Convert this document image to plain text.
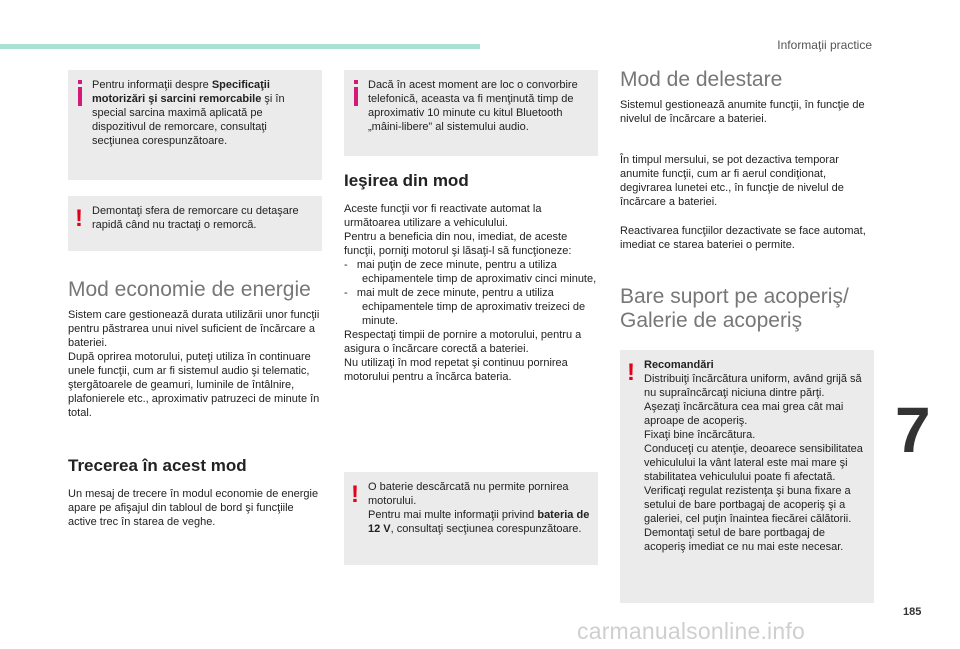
Informaţii practice
Pentru informaţii despre Specificaţii motorizări şi sarcini remorcabile şi în special sarcina maximă aplicată pe dispozitivul de remorcare, consultaţi secţiunea corespunzătoare.
! Demontaţi sfera de remorcare cu detaşare rapidă când nu tractaţi o remorcă.
Mod economie de energie

Sistem care gestionează durata utilizării unor funcţii pentru păstrarea unui nivel suficient de încărcare a bateriei.

După oprirea motorului, puteţi utiliza în continuare unele funcţii, cum ar fi sistemul audio şi telematic, ştergătoarele de geamuri, luminile de întâlnire, plafonierele etc., aproximativ patruzeci de minute în total.

Trecerea în acest mod

Un mesaj de trecere în modul economie de energie apare pe afişajul din tabloul de bord şi funcţiile active trec în starea de veghe.

Dacă în acest moment are loc o convorbire telefonică, aceasta va fi menţinută timp de aproximativ 10 minute cu kitul Bluetooth „mâini-libere” al sistemului audio.
Ieşirea din mod

Aceste funcţii vor fi reactivate automat la următoarea utilizare a vehiculului.

Pentru a beneficia din nou, imediat, de aceste funcţii, porniţi motorul şi lăsaţi-l să funcţioneze:

-   mai puţin de zece minute, pentru a utiliza echipamentele timp de aproximativ cinci minute,

-   mai mult de zece minute, pentru a utiliza echipamentele timp de aproximativ treizeci de minute.

Respectaţi timpii de pornire a motorului, pentru a asigura o încărcare corectă a bateriei.

Nu utilizaţi în mod repetat şi continuu pornirea motorului pentru a încărca bateria.

! O baterie descărcată nu permite pornirea motorului.

Pentru mai multe informaţii privind bateria de 12 V, consultaţi secţiunea corespunzătoare.

Mod de delestare
Sistemul gestionează anumite funcţii, în funcţie de nivelul de încărcare a bateriei.
În timpul mersului, se pot dezactiva temporar anumite funcţii, cum ar fi aerul condiţionat, degivrarea lunetei etc., în funcţie de nivelul de încărcare a bateriei.
Reactivarea funcţiilor dezactivate se face automat, imediat ce starea bateriei o permite.
Bare suport pe acoperiş/
Galerie de acoperiş
! Recomandări

Distribuiţi încărcătura uniform, având grijă să nu supraîncărcaţi niciuna dintre părţi.

Aşezaţi încărcătura cea mai grea cât mai aproape de acoperiş.

Fixaţi bine încărcătura.

Conduceţi cu atenţie, deoarece sensibilitatea vehiculului la vânt lateral este mai mare şi stabilitatea vehiculului poate fi afectată.

Verificaţi regulat rezistenţa şi buna fixare a setului de bare portbagaj de acoperiş şi a galeriei, cel puţin înaintea fiecărei călătorii.

Demontaţi setul de bare portbagaj de acoperiş imediat ce nu mai este necesar.

7
185
carmanualsonline.info
